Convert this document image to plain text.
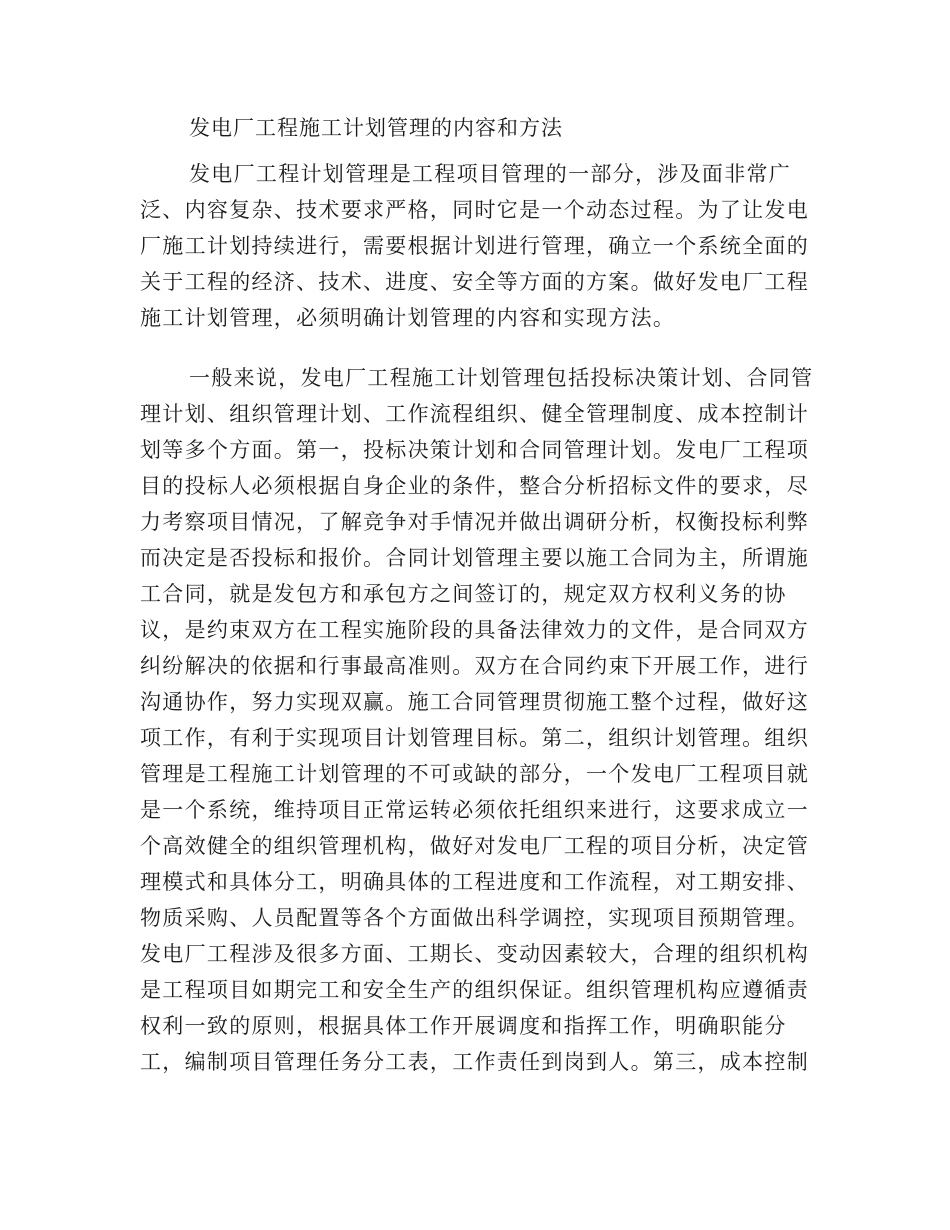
发电厂工程施工计划管理的内容和方法
发电厂工程计划管理是工程项目管理的一部分，涉及面非常广
泛、内容复杂、技术要求严格，同时它是一个动态过程。为了让发电
厂施工计划持续进行，需要根据计划进行管理，确立一个系统全面的
关于工程的经济、技术、进度、安全等方面的方案。做好发电厂工程
施工计划管理，必须明确计划管理的内容和实现方法。
一般来说，发电厂工程施工计划管理包括投标决策计划、合同管
理计划、组织管理计划、工作流程组织、健全管理制度、成本控制计
划等多个方面。第一，投标决策计划和合同管理计划。发电厂工程项
目的投标人必须根据自身企业的条件，整合分析招标文件的要求，尽
力考察项目情况，了解竞争对手情况并做出调研分析，权衡投标利弊
而决定是否投标和报价。合同计划管理主要以施工合同为主，所谓施
工合同，就是发包方和承包方之间签订的，规定双方权利义务的协
议，是约束双方在工程实施阶段的具备法律效力的文件，是合同双方
纠纷解决的依据和行事最高准则。双方在合同约束下开展工作，进行
沟通协作，努力实现双赢。施工合同管理贯彻施工整个过程，做好这
项工作，有利于实现项目计划管理目标。第二，组织计划管理。组织
管理是工程施工计划管理的不可或缺的部分，一个发电厂工程项目就
是一个系统，维持项目正常运转必须依托组织来进行，这要求成立一
个高效健全的组织管理机构，做好对发电厂工程的项目分析，决定管
理模式和具体分工，明确具体的工程进度和工作流程，对工期安排、
物质采购、人员配置等各个方面做出科学调控，实现项目预期管理。
发电厂工程涉及很多方面、工期长、变动因素较大，合理的组织机构
是工程项目如期完工和安全生产的组织保证。组织管理机构应遵循责
权利一致的原则，根据具体工作开展调度和指挥工作，明确职能分
工，编制项目管理任务分工表，工作责任到岗到人。第三，成本控制
